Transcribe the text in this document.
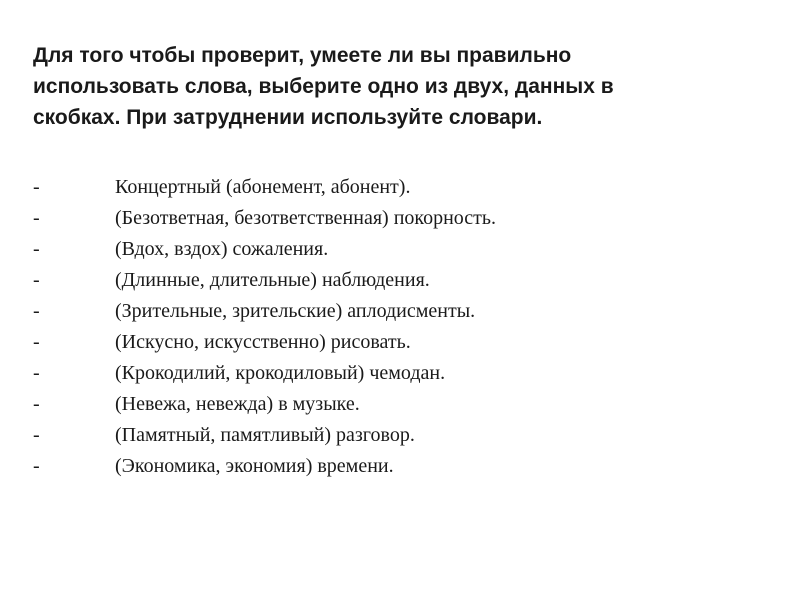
Для того чтобы проверит, умеете ли вы правильно
использовать слова, выберите одно из двух, данных в
скобках. При затруднении используйте словари.

-	Концертный (абонемент, абонент).
-	(Безответная, безответственная) покорность.
-	(Вдох, вздох) сожаления.
-	(Длинные, длительные) наблюдения.
-	(Зрительные, зрительские) аплодисменты.
-	(Искусно, искусственно) рисовать.
-	(Крокодилий, крокодиловый) чемодан.
-	(Невежа, невежда) в музыке.
-	(Памятный, памятливый) разговор.
-	(Экономика, экономия) времени.
